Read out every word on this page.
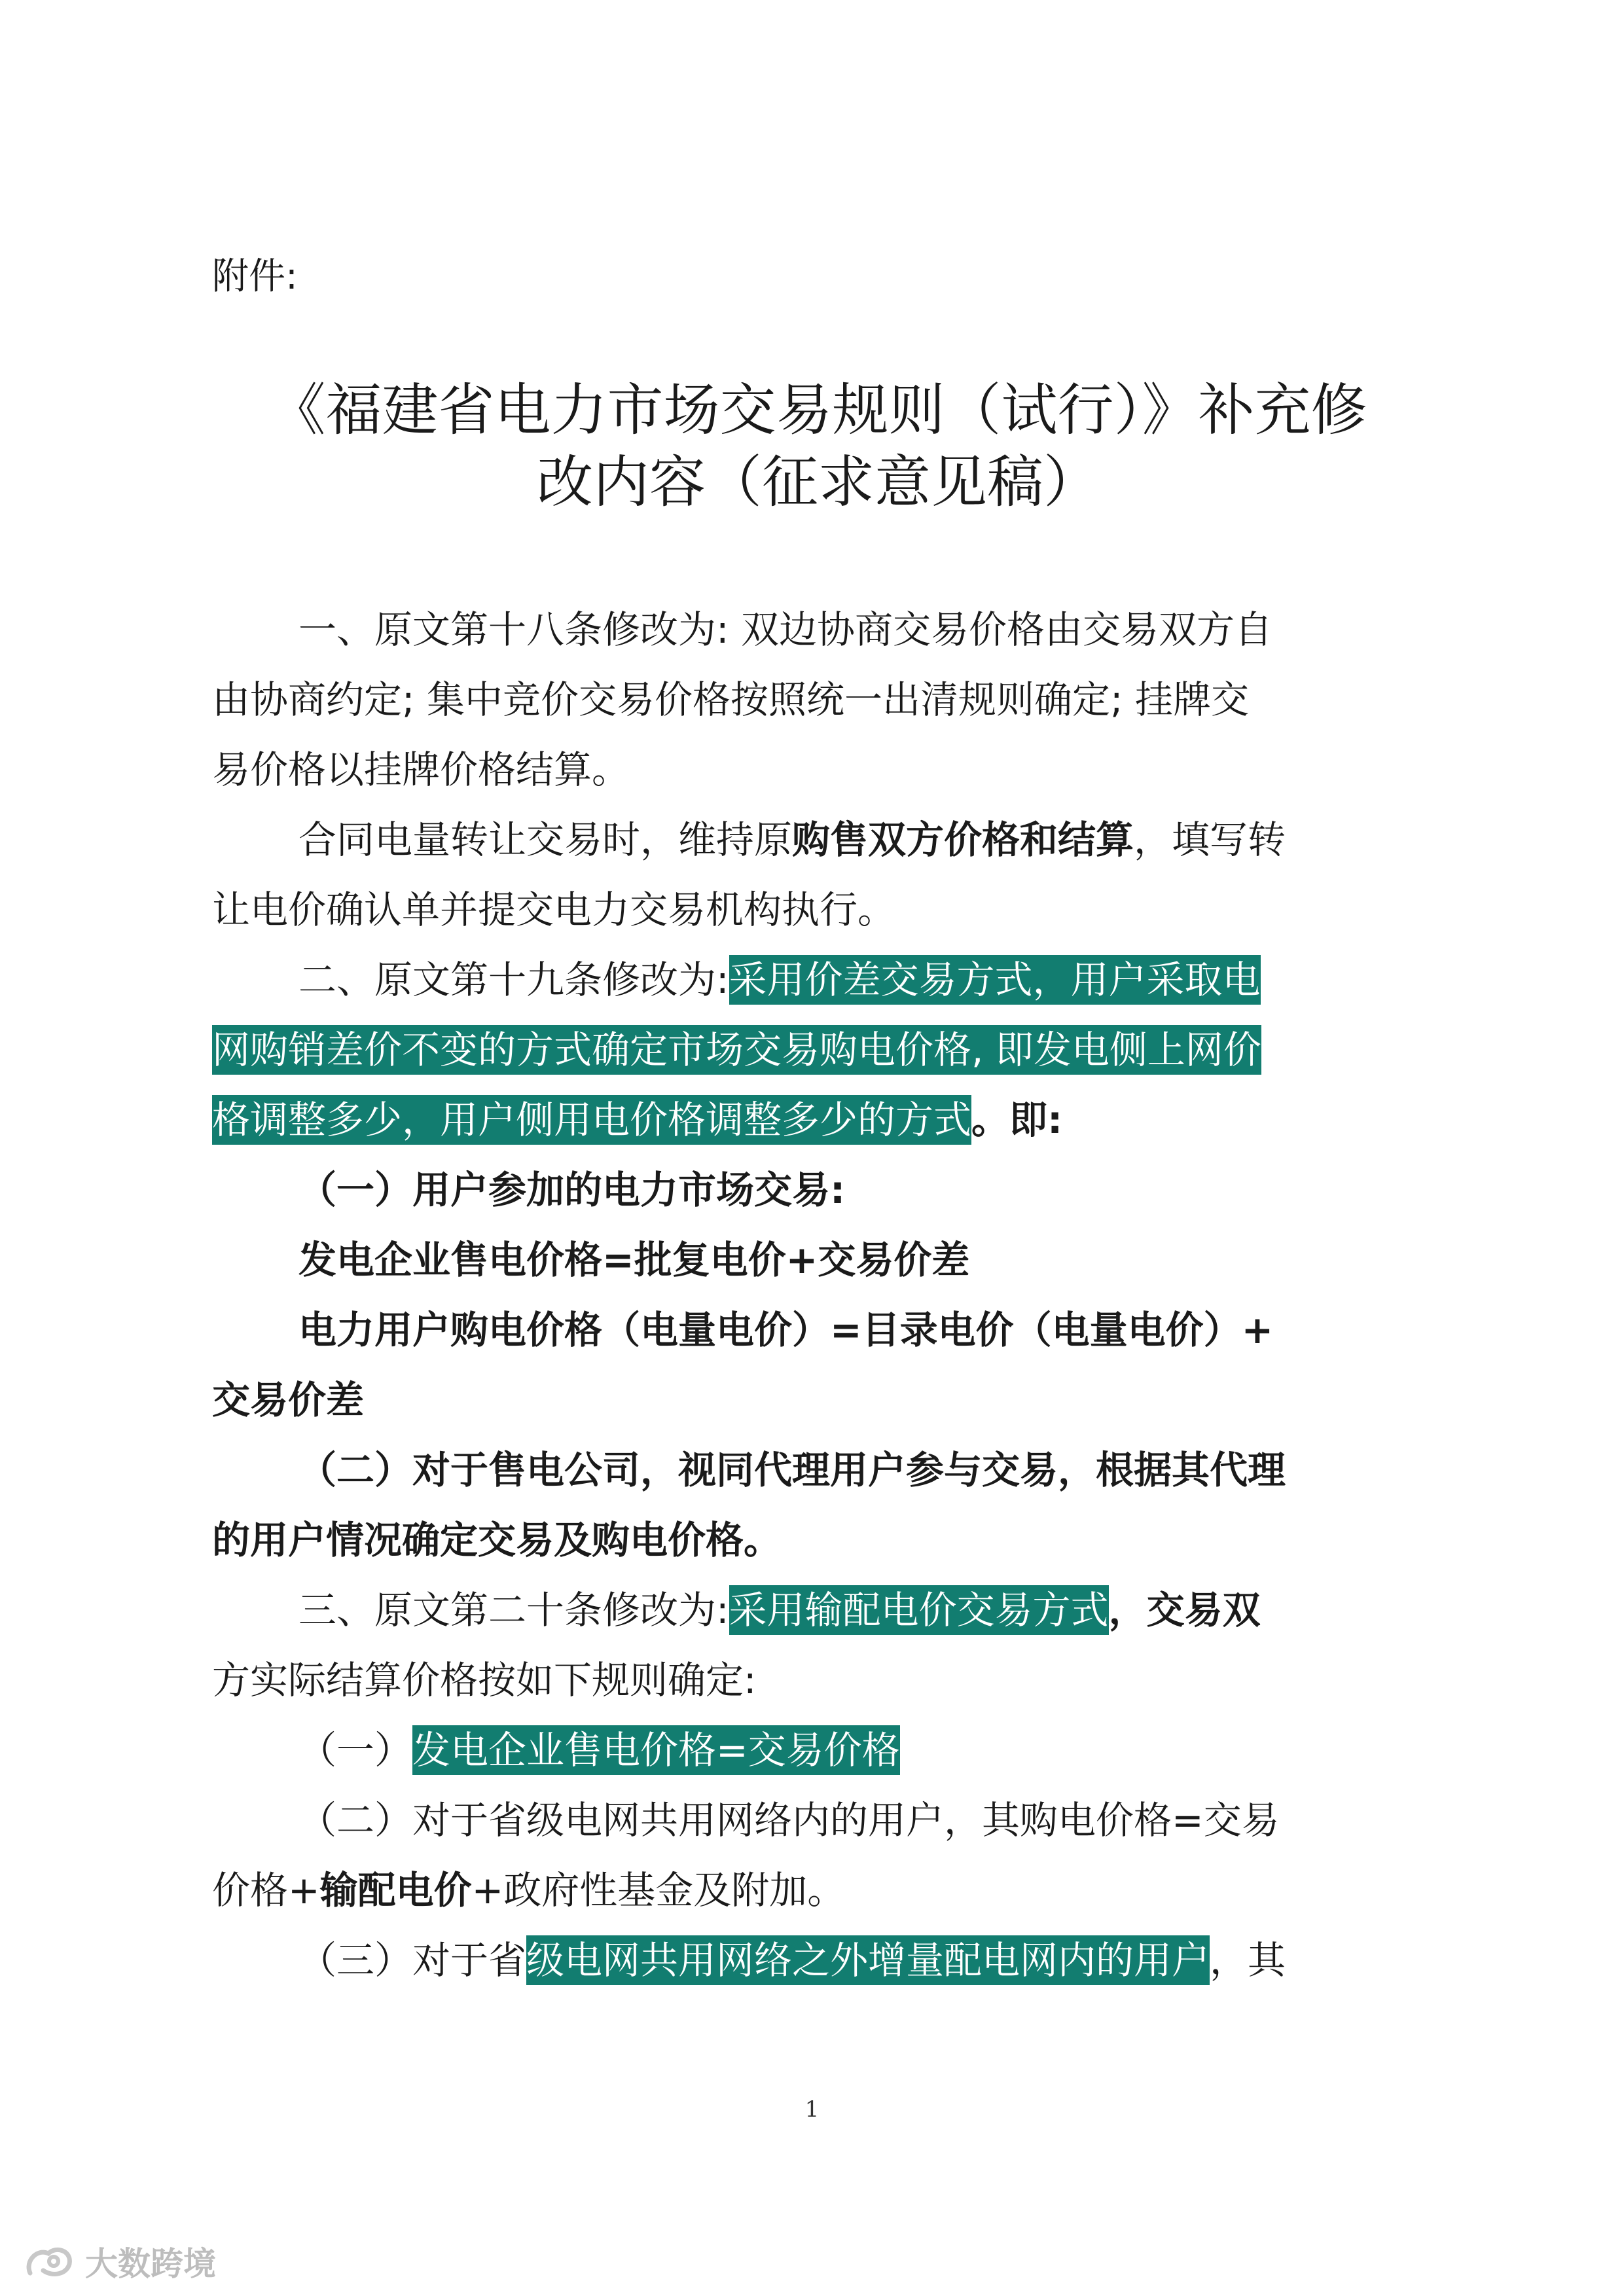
附件:
《福建省电力市场交易规则（试行）》补充修
改内容（征求意见稿）
一、原文第十八条修改为: 双边协商交易价格由交易双方自
由协商约定; 集中竞价交易价格按照统一出清规则确定; 挂牌交
易价格以挂牌价格结算。
合同电量转让交易时，维持原购售双方价格和结算，填写转
让电价确认单并提交电力交易机构执行。
二、原文第十九条修改为:采用价差交易方式，用户采取电
网购销差价不变的方式确定市场交易购电价格, 即发电侧上网价
格调整多少，用户侧用电价格调整多少的方式。即:
（一）用户参加的电力市场交易:
发电企业售电价格=批复电价+交易价差
电力用户购电价格（电量电价）=目录电价（电量电价）+
交易价差
（二）对于售电公司，视同代理用户参与交易，根据其代理
的用户情况确定交易及购电价格。
三、原文第二十条修改为:采用输配电价交易方式，交易双
方实际结算价格按如下规则确定:
（一）发电企业售电价格=交易价格
（二）对于省级电网共用网络内的用户，其购电价格=交易
价格+输配电价+政府性基金及附加。
（三）对于省级电网共用网络之外增量配电网内的用户，其
1
大数跨境
